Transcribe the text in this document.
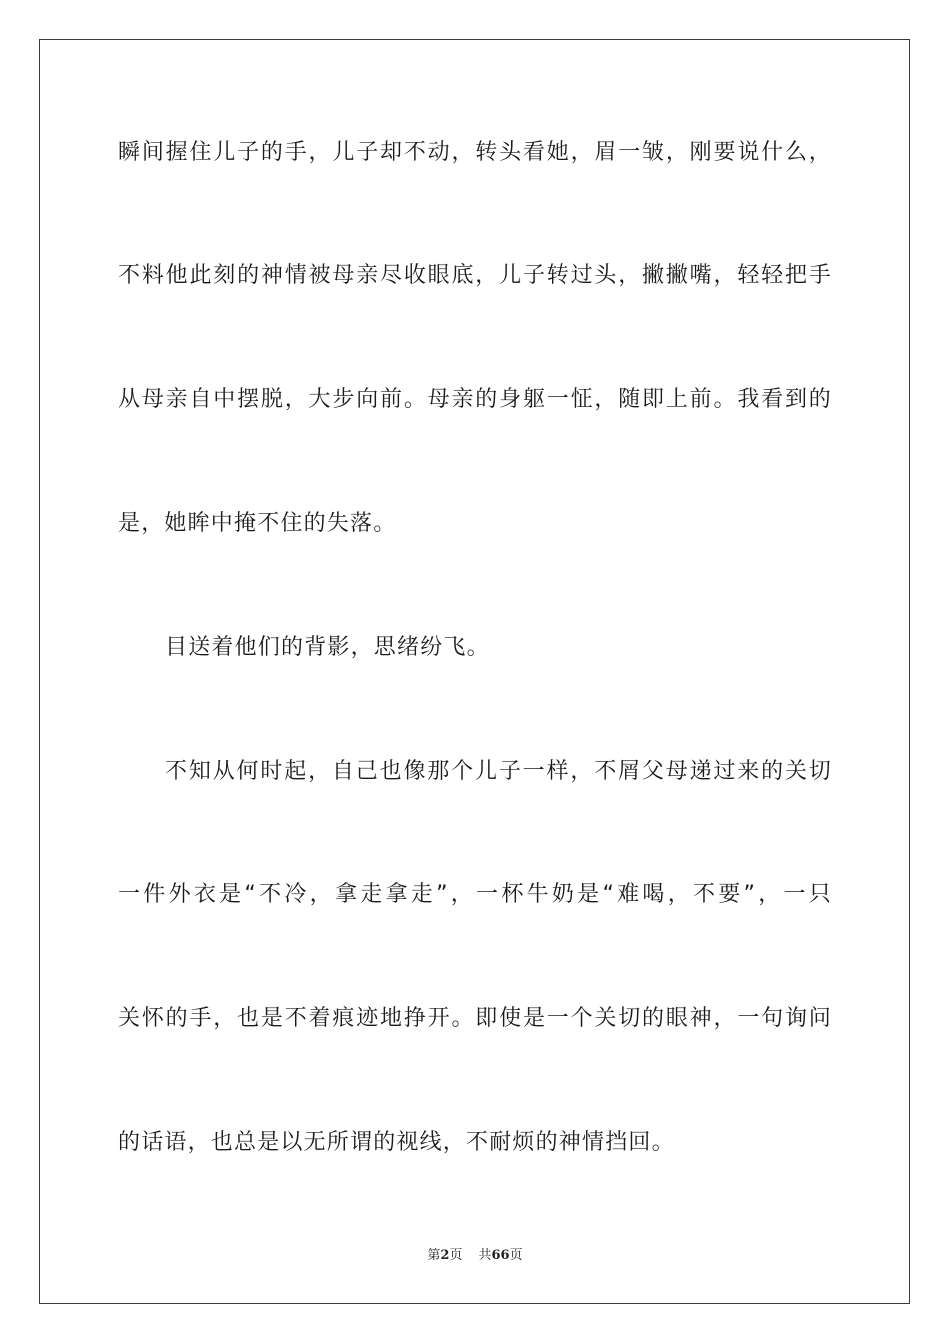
瞬间握住儿子的手，儿子却不动，转头看她，眉一皱，刚要说什么，
不料他此刻的神情被母亲尽收眼底，儿子转过头，撇撇嘴，轻轻把手
从母亲自中摆脱，大步向前。母亲的身躯一怔，随即上前。我看到的
是，她眸中掩不住的失落。
目送着他们的背影，思绪纷飞。
不知从何时起，自己也像那个儿子一样，不屑父母递过来的关切
一件外衣是“不冷，拿走拿走”，一杯牛奶是“难喝，不要”，一只
关怀的手，也是不着痕迹地挣开。即使是一个关切的眼神，一句询问
的话语，也总是以无所谓的视线，不耐烦的神情挡回。
第2页 共66页
